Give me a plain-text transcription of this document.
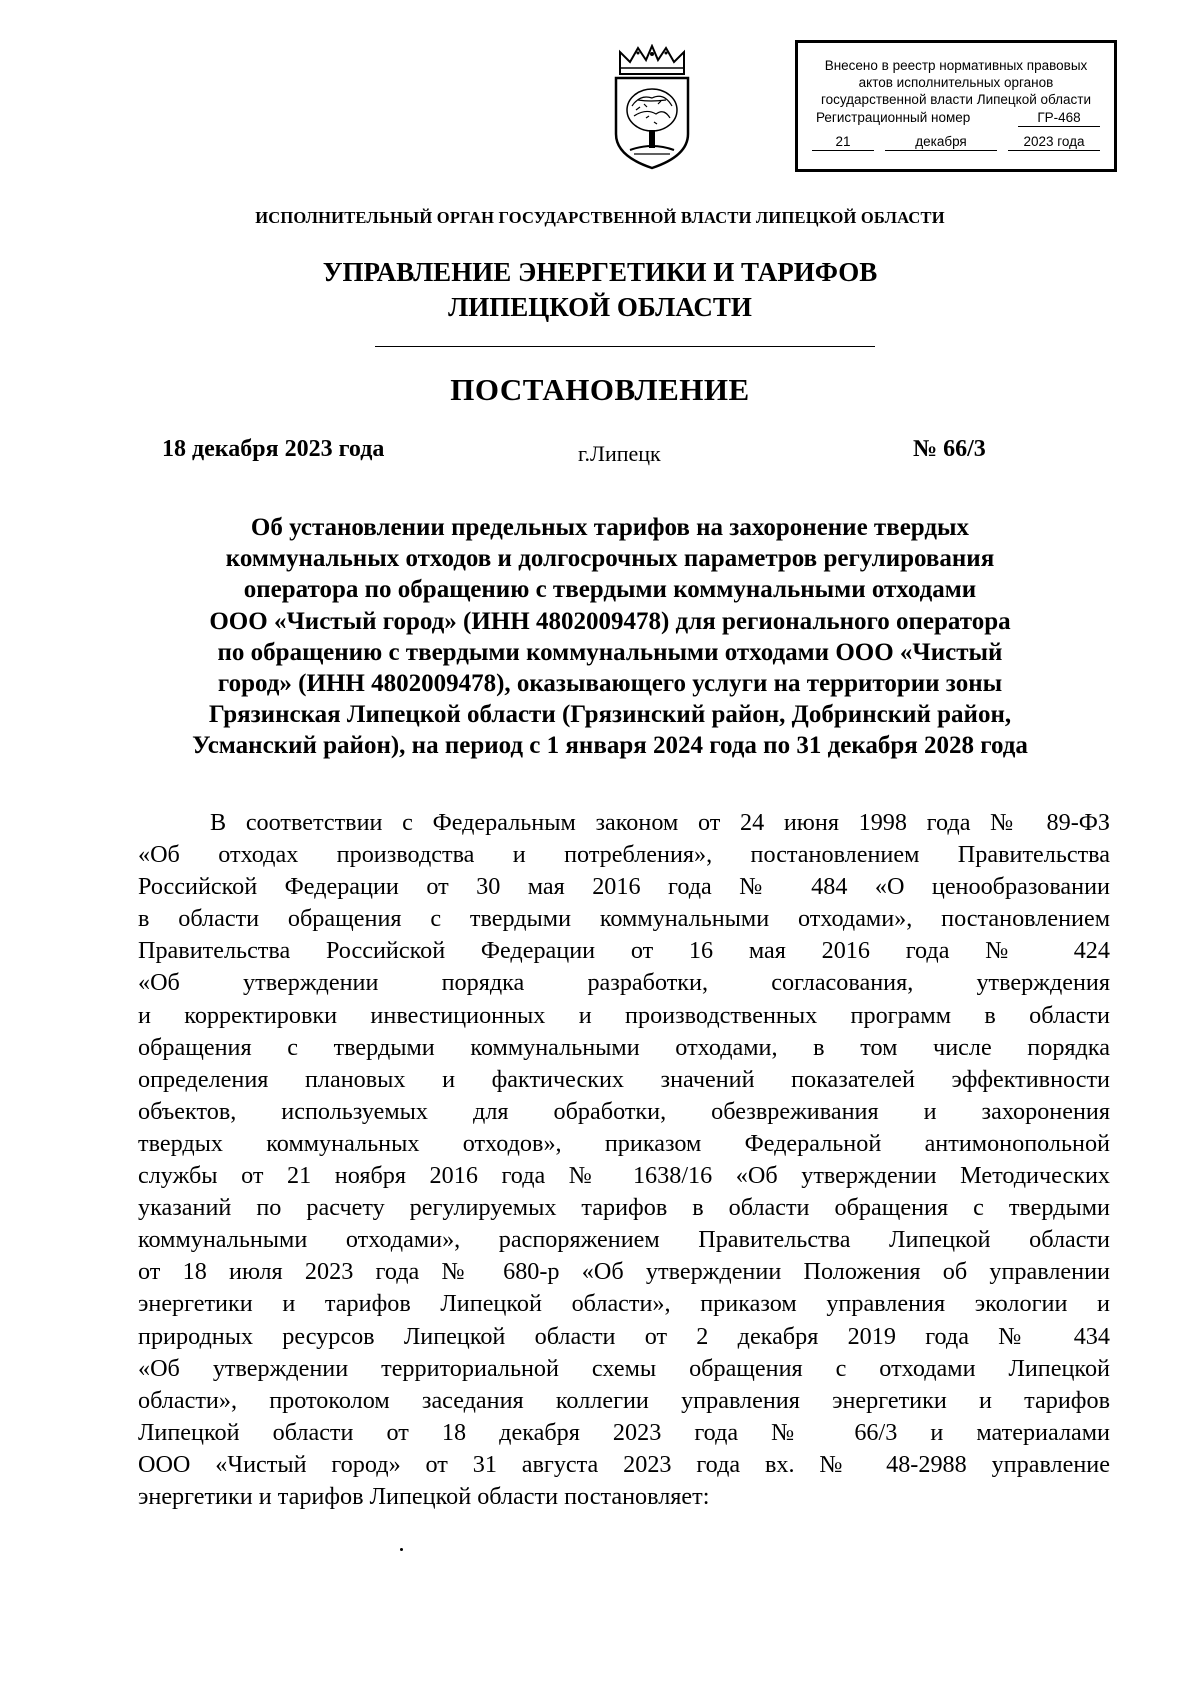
Внесено в реестр нормативных правовых
актов исполнительных органов
государственной власти Липецкой области
Регистрационный номер	ГР-468
21	декабря	2023 года
ИСПОЛНИТЕЛЬНЫЙ ОРГАН ГОСУДАРСТВЕННОЙ ВЛАСТИ ЛИПЕЦКОЙ ОБЛАСТИ
УПРАВЛЕНИЕ ЭНЕРГЕТИКИ И ТАРИФОВ
ЛИПЕЦКОЙ ОБЛАСТИ
ПОСТАНОВЛЕНИЕ
18 декабря 2023 года	г.Липецк	№ 66/3
Об установлении предельных тарифов на захоронение твердых
коммунальных отходов и долгосрочных параметров регулирования
оператора по обращению с твердыми коммунальными отходами
ООО «Чистый город» (ИНН 4802009478) для регионального оператора
по обращению с твердыми коммунальными отходами ООО «Чистый
город» (ИНН 4802009478), оказывающего услуги на территории зоны
Грязинская Липецкой области (Грязинский район, Добринский район,
Усманский район), на период с 1 января 2024 года по 31 декабря 2028 года
В соответствии с Федеральным законом от 24 июня 1998 года № 89-ФЗ
«Об отходах производства и потребления», постановлением Правительства
Российской Федерации от 30 мая 2016 года № 484 «О ценообразовании
в области обращения с твердыми коммунальными отходами», постановлением
Правительства Российской Федерации от 16 мая 2016 года № 424
«Об утверждении порядка разработки, согласования, утверждения
и корректировки инвестиционных и производственных программ в области
обращения с твердыми коммунальными отходами, в том числе порядка
определения плановых и фактических значений показателей эффективности
объектов, используемых для обработки, обезвреживания и захоронения
твердых коммунальных отходов», приказом Федеральной антимонопольной
службы от 21 ноября 2016 года № 1638/16 «Об утверждении Методических
указаний по расчету регулируемых тарифов в области обращения с твердыми
коммунальными отходами», распоряжением Правительства Липецкой области
от 18 июля 2023 года № 680-р «Об утверждении Положения об управлении
энергетики и тарифов Липецкой области», приказом управления экологии и
природных ресурсов Липецкой области от 2 декабря 2019 года № 434
«Об утверждении территориальной схемы обращения с отходами Липецкой
области», протоколом заседания коллегии управления энергетики и тарифов
Липецкой области от 18 декабря 2023 года № 66/3 и материалами
ООО «Чистый город» от 31 августа 2023 года вх. № 48-2988 управление
энергетики и тарифов Липецкой области постановляет:
